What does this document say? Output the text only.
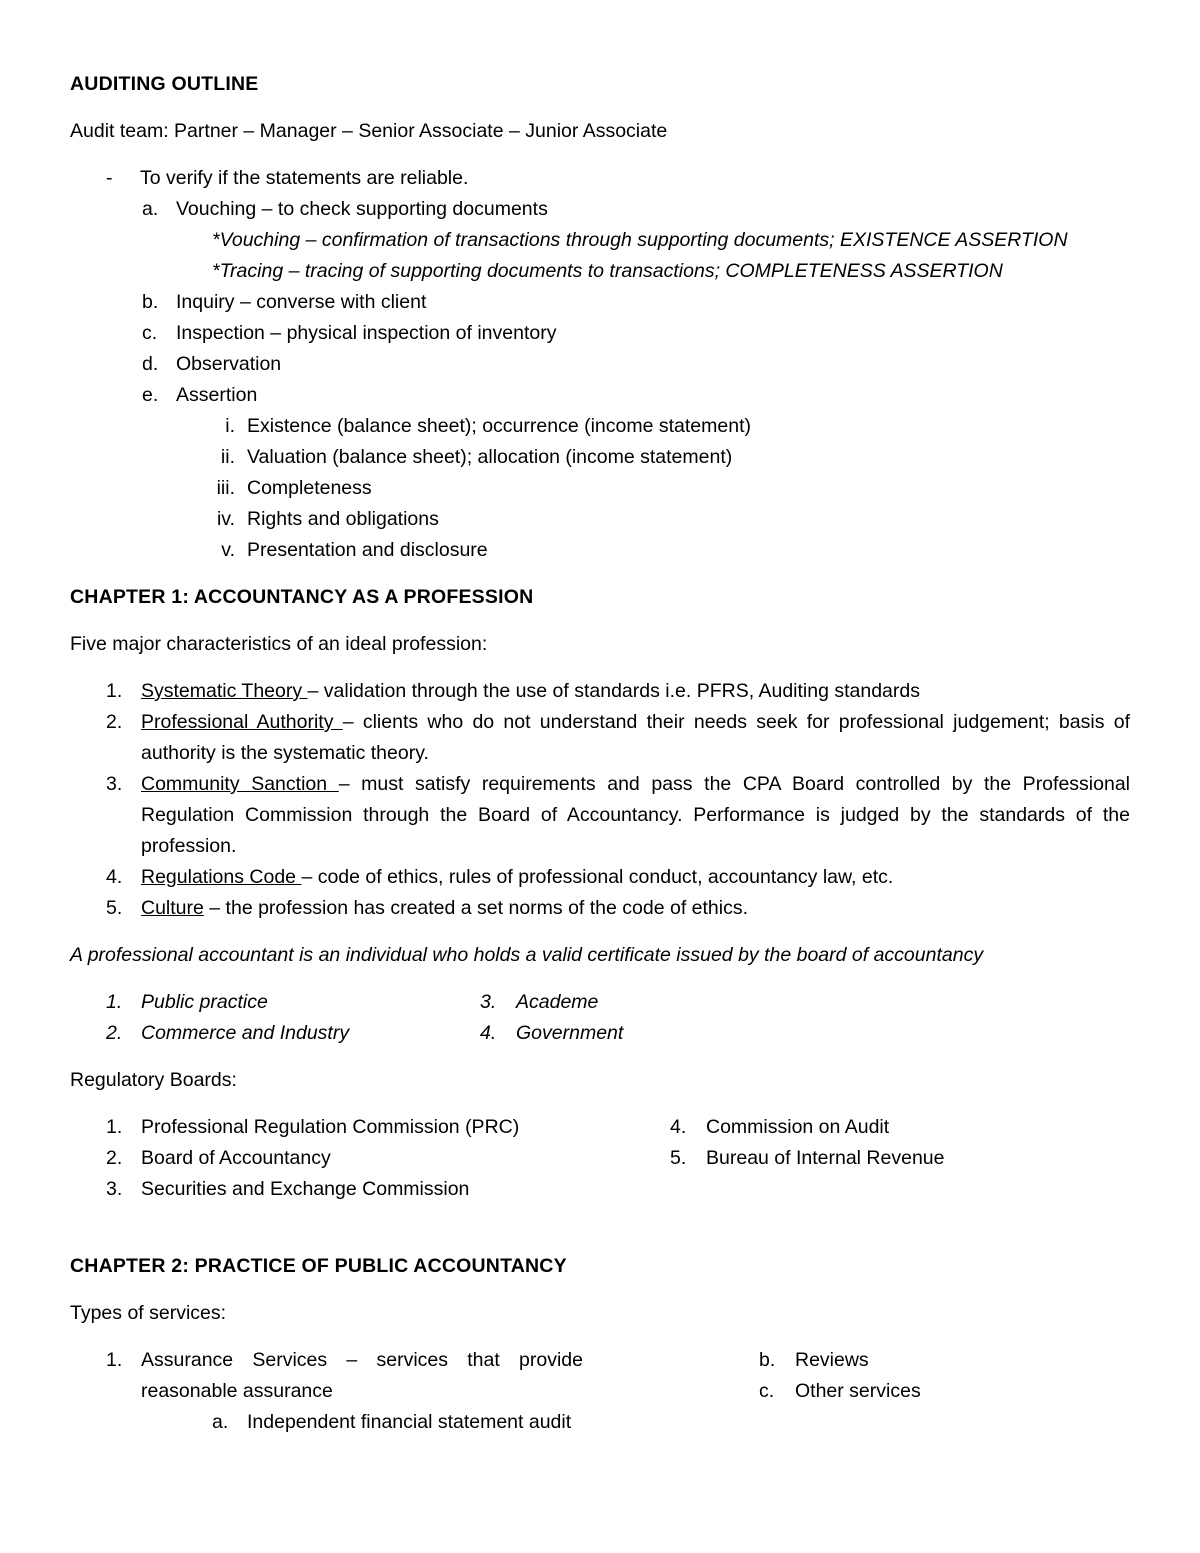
AUDITING OUTLINE
Audit team: Partner – Manager – Senior Associate – Junior Associate
-	To verify if the statements are reliable.
a. Vouching – to check supporting documents
*Vouching – confirmation of transactions through supporting documents; EXISTENCE ASSERTION
*Tracing – tracing of supporting documents to transactions; COMPLETENESS ASSERTION
b. Inquiry – converse with client
c. Inspection – physical inspection of inventory
d. Observation
e. Assertion
i. Existence (balance sheet); occurrence (income statement)
ii. Valuation (balance sheet); allocation (income statement)
iii. Completeness
iv. Rights and obligations
v. Presentation and disclosure
CHAPTER 1: ACCOUNTANCY AS A PROFESSION
Five major characteristics of an ideal profession:
1. Systematic Theory – validation through the use of standards i.e. PFRS, Auditing standards
2. Professional Authority – clients who do not understand their needs seek for professional judgement; basis of authority is the systematic theory.
3. Community Sanction – must satisfy requirements and pass the CPA Board controlled by the Professional Regulation Commission through the Board of Accountancy. Performance is judged by the standards of the profession.
4. Regulations Code – code of ethics, rules of professional conduct, accountancy law, etc.
5. Culture – the profession has created a set norms of the code of ethics.
A professional accountant is an individual who holds a valid certificate issued by the board of accountancy
1. Public practice
2. Commerce and Industry
3.	Academe
4.	Government
Regulatory Boards:
1. Professional Regulation Commission (PRC)
2. Board of Accountancy
3. Securities and Exchange Commission
4.	Commission on Audit
5.	Bureau of Internal Revenue
CHAPTER 2: PRACTICE OF PUBLIC ACCOUNTANCY
Types of services:
1. Assurance Services – services that provide reasonable assurance
a. Independent financial statement audit
b.	Reviews
c.	Other services
